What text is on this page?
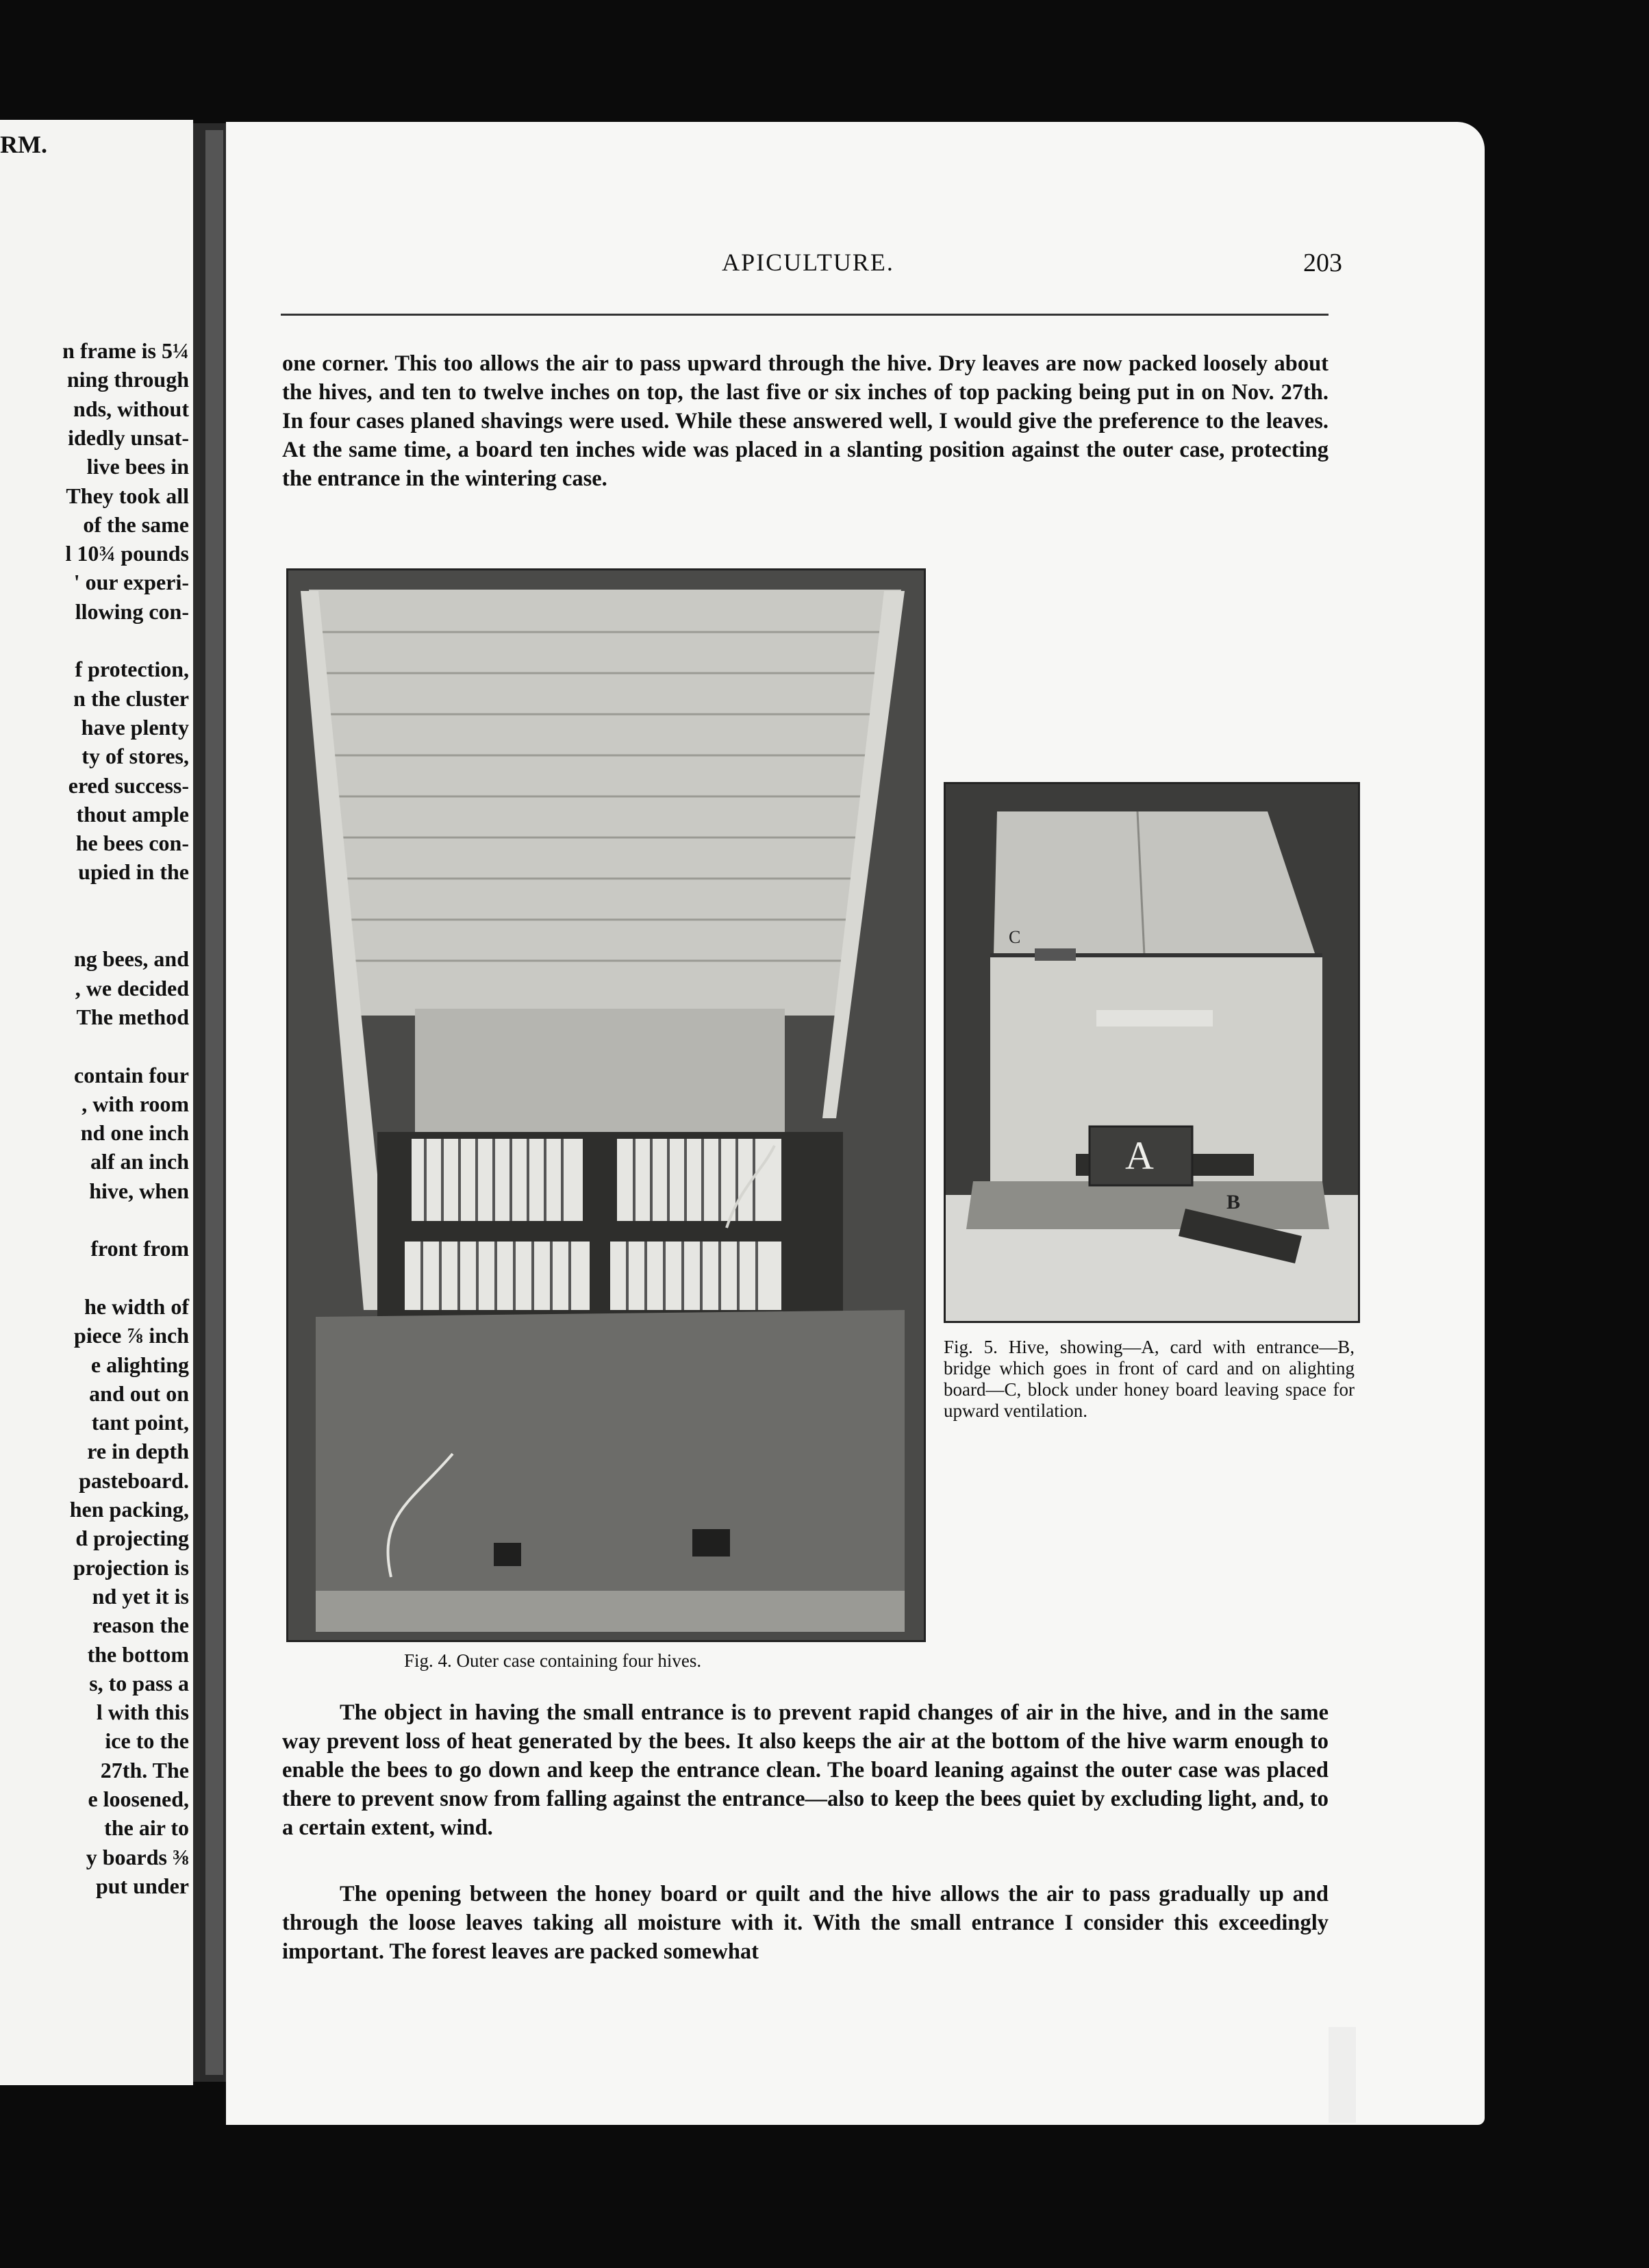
n frame is 5¼
ning through
nds, without
idedly unsat-
live bees in
They took all
of the same
l 10¾ pounds
' our experi-
llowing con-
f protection,
n the cluster
have plenty
ty of stores,
ered success-
thout ample
he bees con-
upied in the
ng bees, and
, we decided
The method
contain four
, with room
nd one inch
alf an inch
hive, when
front from
he width of
piece ⅞ inch
e alighting
and out on
tant point,
re in depth
pasteboard.
hen packing,
d projecting
projection is
nd yet it is
reason the
the bottom
s, to pass a
l with this
ice to the
27th. The
e loosened,
the air to
y boards ⅜
put under
RM.
APICULTURE.	203

one corner. This too allows the air to pass upward through the hive. Dry leaves are now packed loosely about the hives, and ten to twelve inches on top, the last five or six inches of top packing being put in on Nov. 27th. In four cases planed shavings were used. While these answered well, I would give the preference to the leaves. At the same time, a board ten inches wide was placed in a slanting position against the outer case, protecting the entrance in the wintering case.

Fig. 4. Outer case containing four hives.
C
A
B
Fig. 5. Hive, showing—A, card with entrance—B, bridge which goes in front of card and on alighting board—C, block under honey board leaving space for upward ventilation.

The object in having the small entrance is to prevent rapid changes of air in the hive, and in the same way prevent loss of heat generated by the bees. It also keeps the air at the bottom of the hive warm enough to enable the bees to go down and keep the entrance clean. The board leaning against the outer case was placed there to prevent snow from falling against the entrance—also to keep the bees quiet by excluding light, and, to a certain extent, wind.

The opening between the honey board or quilt and the hive allows the air to pass gradually up and through the loose leaves taking all moisture with it. With the small entrance I consider this exceedingly important. The forest leaves are packed somewhat
